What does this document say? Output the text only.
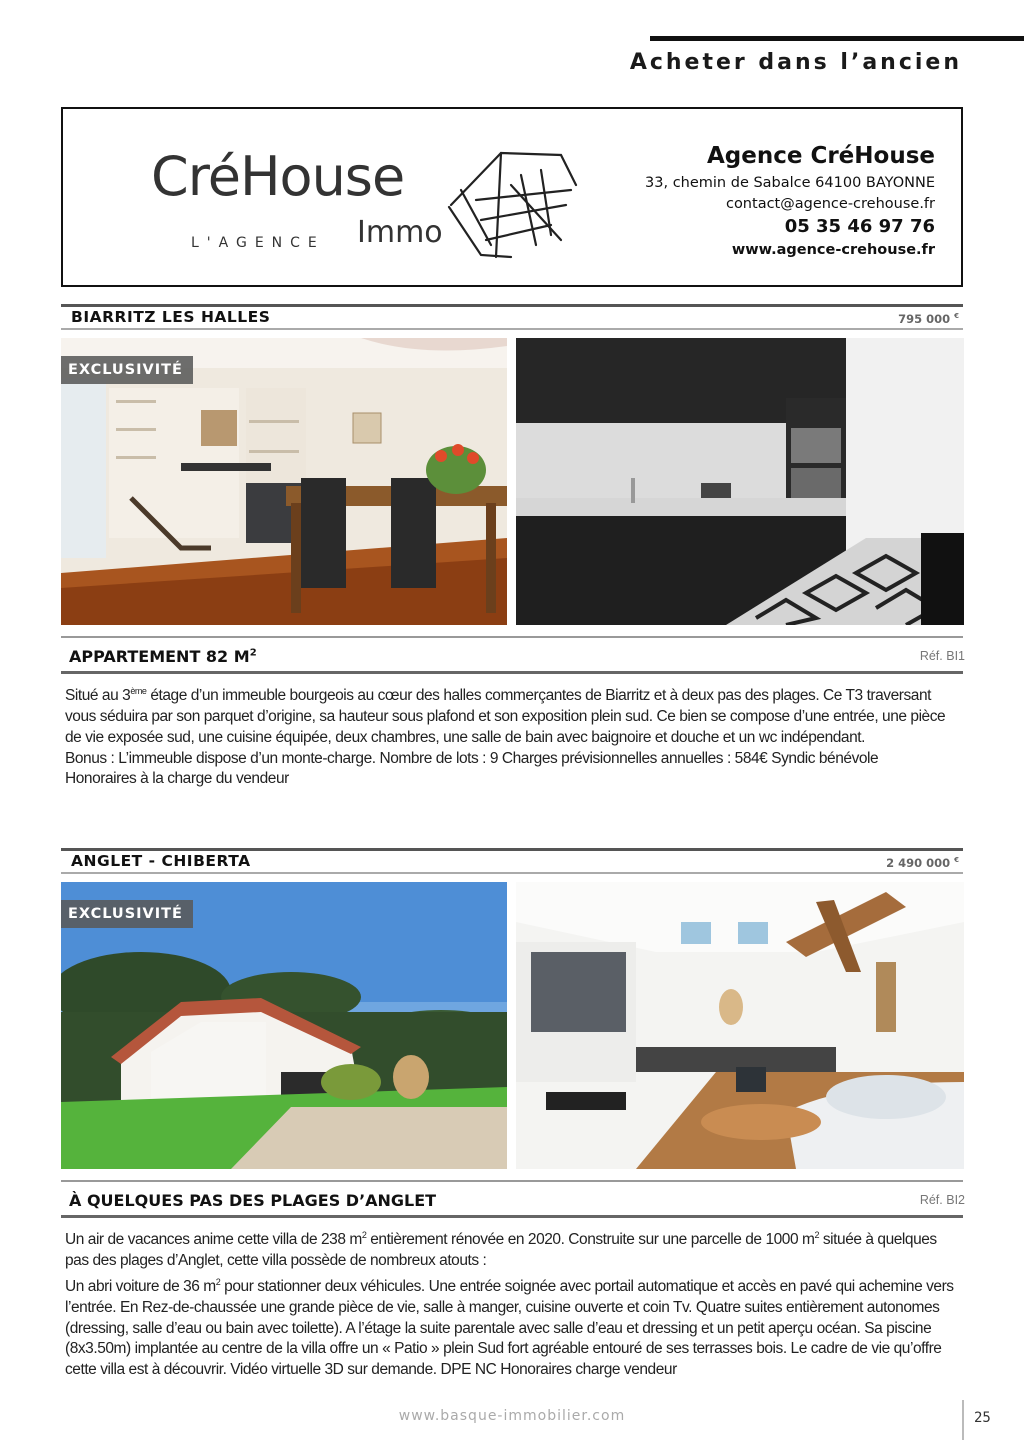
Acheter dans l’ancien
CréHouse
Immo
L'AGENCE
Agence CréHouse
33, chemin de Sabalce 64100 BAYONNE
contact@agence-crehouse.fr
05 35 46 97 76
www.agence-crehouse.fr
BIARRITZ LES HALLES	795 000 €
EXCLUSIVITÉ
APPARTEMENT 82 $M^2$	Réf. BI1
Situé au 3ème étage d’un immeuble bourgeois au cœur des halles commerçantes de Biarritz et à deux pas des plages. Ce T3 traversant vous séduira par son parquet d’origine, sa hauteur sous plafond et son exposition plein sud. Ce bien se compose d’une entrée, une pièce de vie exposée sud, une cuisine équipée, deux chambres, une salle de bain avec baignoire et douche et un wc indépendant.
Bonus : L’immeuble dispose d’un monte-charge. Nombre de lots : 9 Charges prévisionnelles annuelles : 584€ Syndic bénévole
Honoraires à la charge du vendeur
ANGLET - CHIBERTA	2 490 000 €
EXCLUSIVITÉ
À QUELQUES PAS DES PLAGES D’ANGLET	Réf. BI2
Un air de vacances anime cette villa de 238 $m^2$ entièrement rénovée en 2020. Construite sur une parcelle de 1000 $m^2$ située à quelques pas des plages d’Anglet, cette villa possède de nombreux atouts :
Un abri voiture de 36 $m^2$ pour stationner deux véhicules. Une entrée soignée avec portail automatique et accès en pavé qui achemine vers l’entrée. En Rez-de-chaussée une grande pièce de vie, salle à manger, cuisine ouverte et coin Tv. Quatre suites entièrement autonomes (dressing, salle d’eau ou bain avec toilette). A l’étage la suite parentale avec salle d’eau et dressing et un petit aperçu océan. Sa piscine (8x3.50m) implantée au centre de la villa offre un « Patio » plein Sud fort agréable entouré de ses terrasses bois. Le cadre de vie qu’offre cette villa est à découvrir. Vidéo virtuelle 3D sur demande. DPE NC Honoraires charge vendeur
www.basque-immobilier.com	25
